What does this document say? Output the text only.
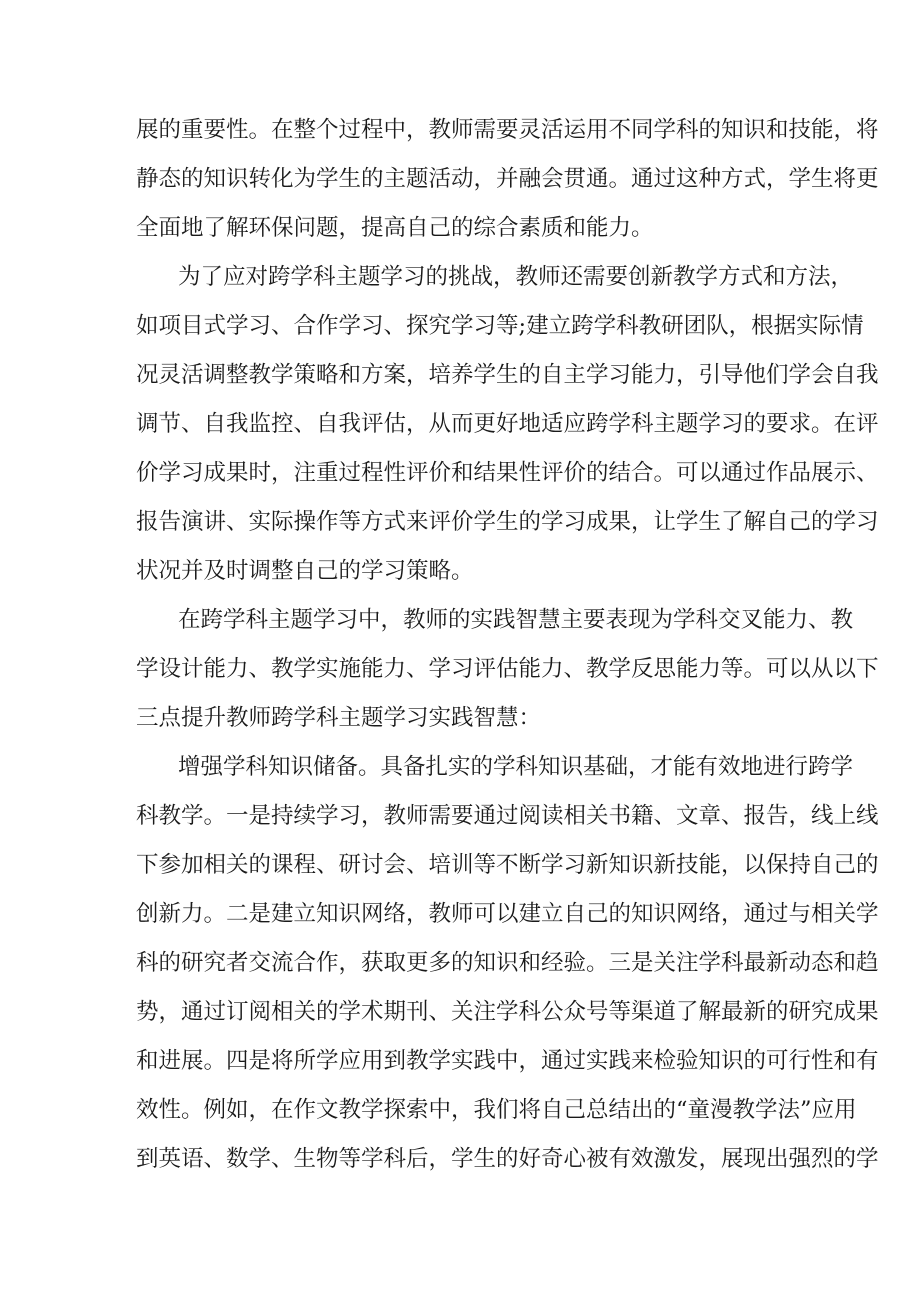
展的重要性。在整个过程中，教师需要灵活运用不同学科的知识和技能，将
静态的知识转化为学生的主题活动，并融会贯通。通过这种方式，学生将更
全面地了解环保问题，提高自己的综合素质和能力。
为了应对跨学科主题学习的挑战，教师还需要创新教学方式和方法，
如项目式学习、合作学习、探究学习等;建立跨学科教研团队，根据实际情
况灵活调整教学策略和方案，培养学生的自主学习能力，引导他们学会自我
调节、自我监控、自我评估，从而更好地适应跨学科主题学习的要求。在评
价学习成果时，注重过程性评价和结果性评价的结合。可以通过作品展示、
报告演讲、实际操作等方式来评价学生的学习成果，让学生了解自己的学习
状况并及时调整自己的学习策略。
在跨学科主题学习中，教师的实践智慧主要表现为学科交叉能力、教
学设计能力、教学实施能力、学习评估能力、教学反思能力等。可以从以下
三点提升教师跨学科主题学习实践智慧：
增强学科知识储备。具备扎实的学科知识基础，才能有效地进行跨学
科教学。一是持续学习，教师需要通过阅读相关书籍、文章、报告，线上线
下参加相关的课程、研讨会、培训等不断学习新知识新技能，以保持自己的
创新力。二是建立知识网络，教师可以建立自己的知识网络，通过与相关学
科的研究者交流合作，获取更多的知识和经验。三是关注学科最新动态和趋
势，通过订阅相关的学术期刊、关注学科公众号等渠道了解最新的研究成果
和进展。四是将所学应用到教学实践中，通过实践来检验知识的可行性和有
效性。例如，在作文教学探索中，我们将自己总结出的“童漫教学法”应用
到英语、数学、生物等学科后，学生的好奇心被有效激发，展现出强烈的学
